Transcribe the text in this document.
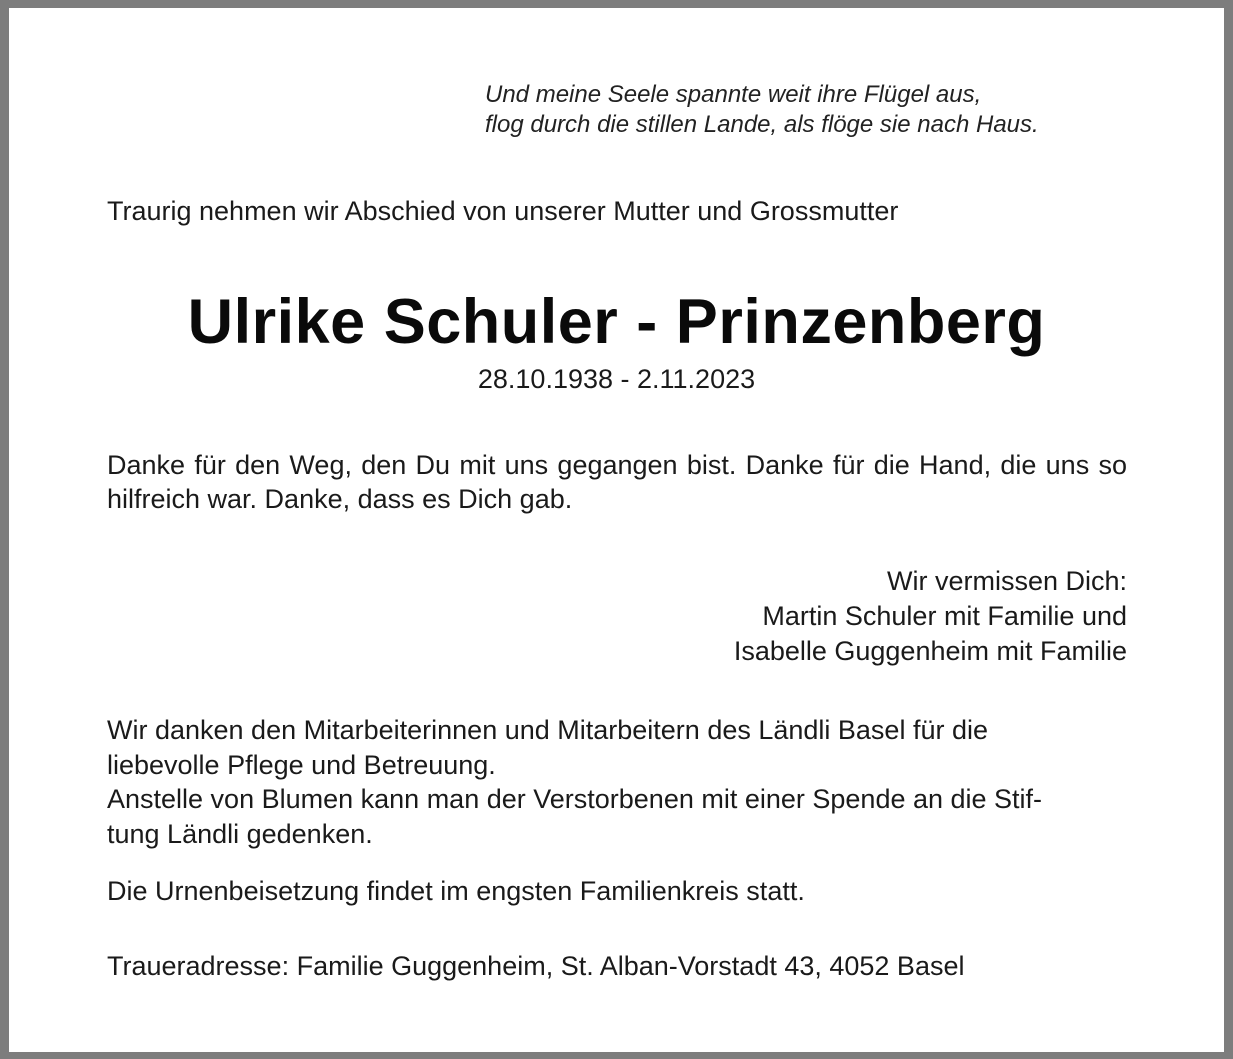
Und meine Seele spannte weit ihre Flügel aus,
flog durch die stillen Lande, als flöge sie nach Haus.
Traurig nehmen wir Abschied von unserer Mutter und Grossmutter
Ulrike Schuler - Prinzenberg
28.10.1938 - 2.11.2023
Danke für den Weg, den Du mit uns gegangen bist. Danke für die Hand, die uns so hilfreich war. Danke, dass es Dich gab.
Wir vermissen Dich:
Martin Schuler mit Familie und
Isabelle Guggenheim mit Familie
Wir danken den Mitarbeiterinnen und Mitarbeitern des Ländli Basel für die
liebevolle Pflege und Betreuung.
Anstelle von Blumen kann man der Verstorbenen mit einer Spende an die Stif-
tung Ländli gedenken.
Die Urnenbeisetzung findet im engsten Familienkreis statt.
Traueradresse: Familie Guggenheim, St. Alban-Vorstadt 43, 4052 Basel
